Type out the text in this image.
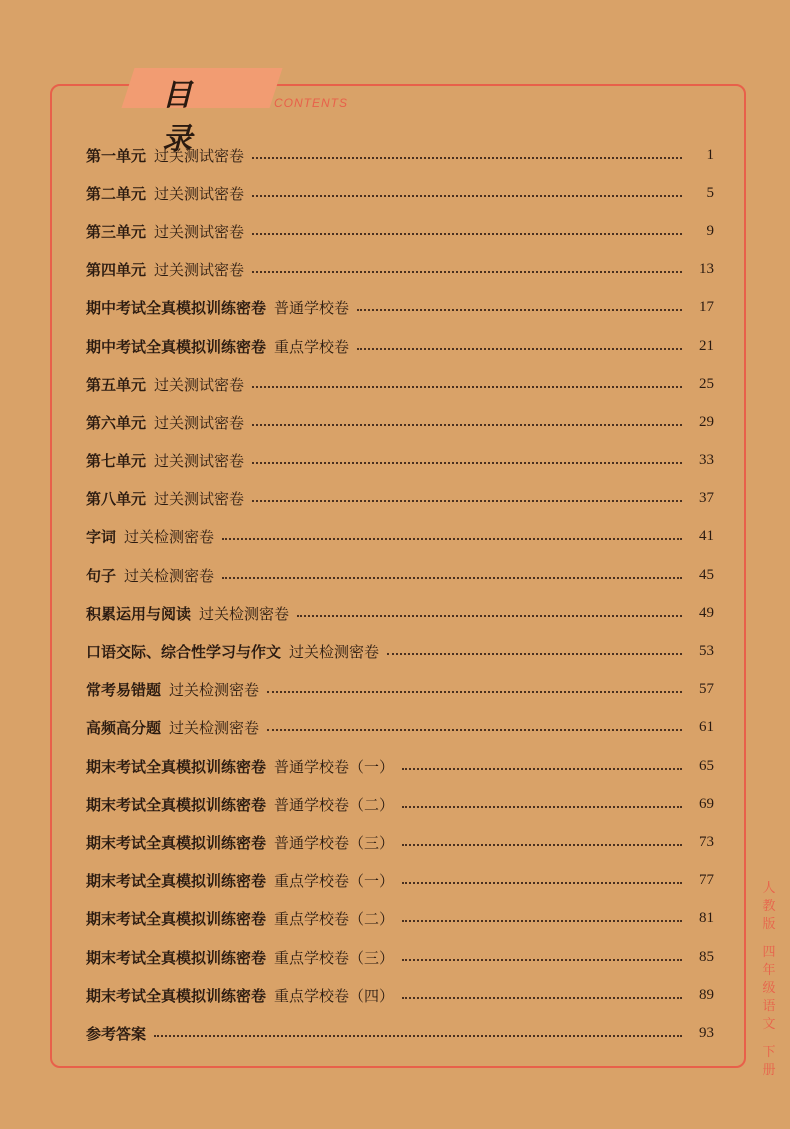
目录
CONTENTS
第一单元 过关测试密卷	1
第二单元 过关测试密卷	5
第三单元 过关测试密卷	9
第四单元 过关测试密卷	13
期中考试全真模拟训练密卷 普通学校卷	17
期中考试全真模拟训练密卷 重点学校卷	21
第五单元 过关测试密卷	25
第六单元 过关测试密卷	29
第七单元 过关测试密卷	33
第八单元 过关测试密卷	37
字词 过关检测密卷	41
句子 过关检测密卷	45
积累运用与阅读 过关检测密卷	49
口语交际、综合性学习与作文 过关检测密卷	53
常考易错题 过关检测密卷	57
高频高分题 过关检测密卷	61
期末考试全真模拟训练密卷 普通学校卷（一）	65
期末考试全真模拟训练密卷 普通学校卷（二）	69
期末考试全真模拟训练密卷 普通学校卷（三）	73
期末考试全真模拟训练密卷 重点学校卷（一）	77
期末考试全真模拟训练密卷 重点学校卷（二）	81
期末考试全真模拟训练密卷 重点学校卷（三）	85
期末考试全真模拟训练密卷 重点学校卷（四）	89
参考答案	93
人
教
版
四
年
级
语
文
下
册
